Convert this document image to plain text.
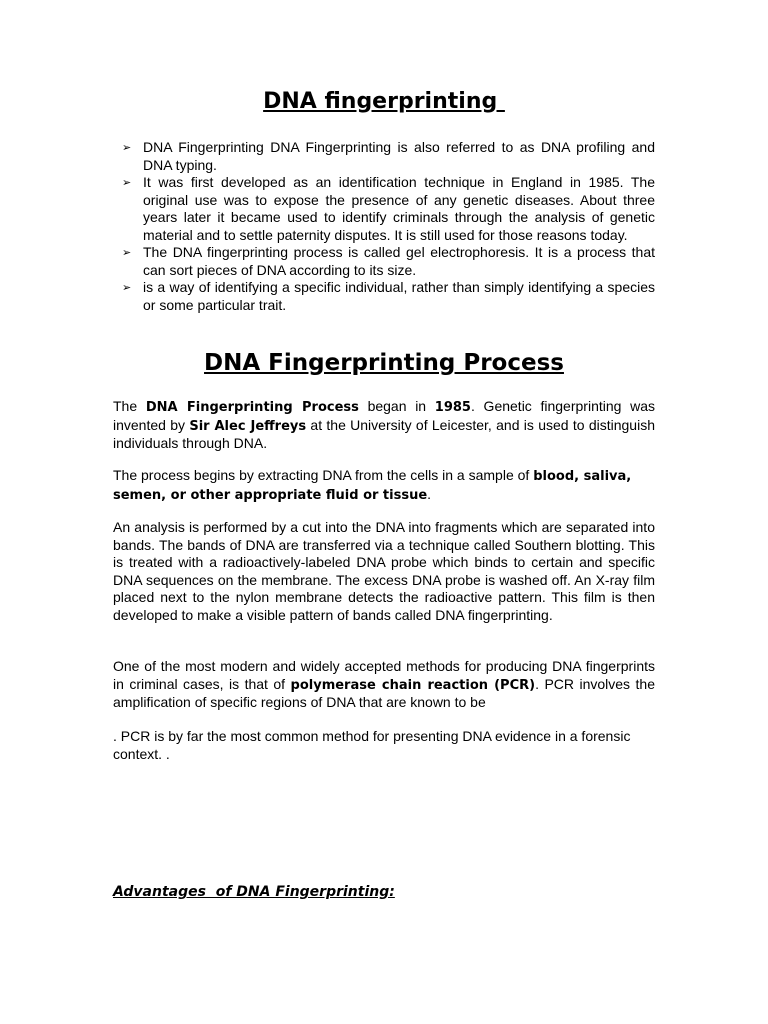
DNA fingerprinting
➢ DNA Fingerprinting DNA Fingerprinting is also referred to as DNA profiling and DNA typing.
➢ It was first developed as an identification technique in England in 1985. The original use was to expose the presence of any genetic diseases. About three years later it became used to identify criminals through the analysis of genetic material and to settle paternity disputes. It is still used for those reasons today.
➢ The DNA fingerprinting process is called gel electrophoresis. It is a process that can sort pieces of DNA according to its size.
➢ is a way of identifying a specific individual, rather than simply identifying a species or some particular trait.
DNA Fingerprinting Process

The DNA Fingerprinting Process began in 1985. Genetic fingerprinting was invented by Sir Alec Jeffreys at the University of Leicester, and is used to distinguish individuals through DNA.

The process begins by extracting DNA from the cells in a sample of blood, saliva, semen, or other appropriate fluid or tissue.

An analysis is performed by a cut into the DNA into fragments which are separated into bands. The bands of DNA are transferred via a technique called Southern blotting. This is treated with a radioactively-labeled DNA probe which binds to certain and specific DNA sequences on the membrane. The excess DNA probe is washed off. An X-ray film placed next to the nylon membrane detects the radioactive pattern. This film is then developed to make a visible pattern of bands called DNA fingerprinting.

One of the most modern and widely accepted methods for producing DNA fingerprints in criminal cases, is that of polymerase chain reaction (PCR). PCR involves the amplification of specific regions of DNA that are known to be

. PCR is by far the most common method for presenting DNA evidence in a forensic context. .

Advantages  of DNA Fingerprinting:
